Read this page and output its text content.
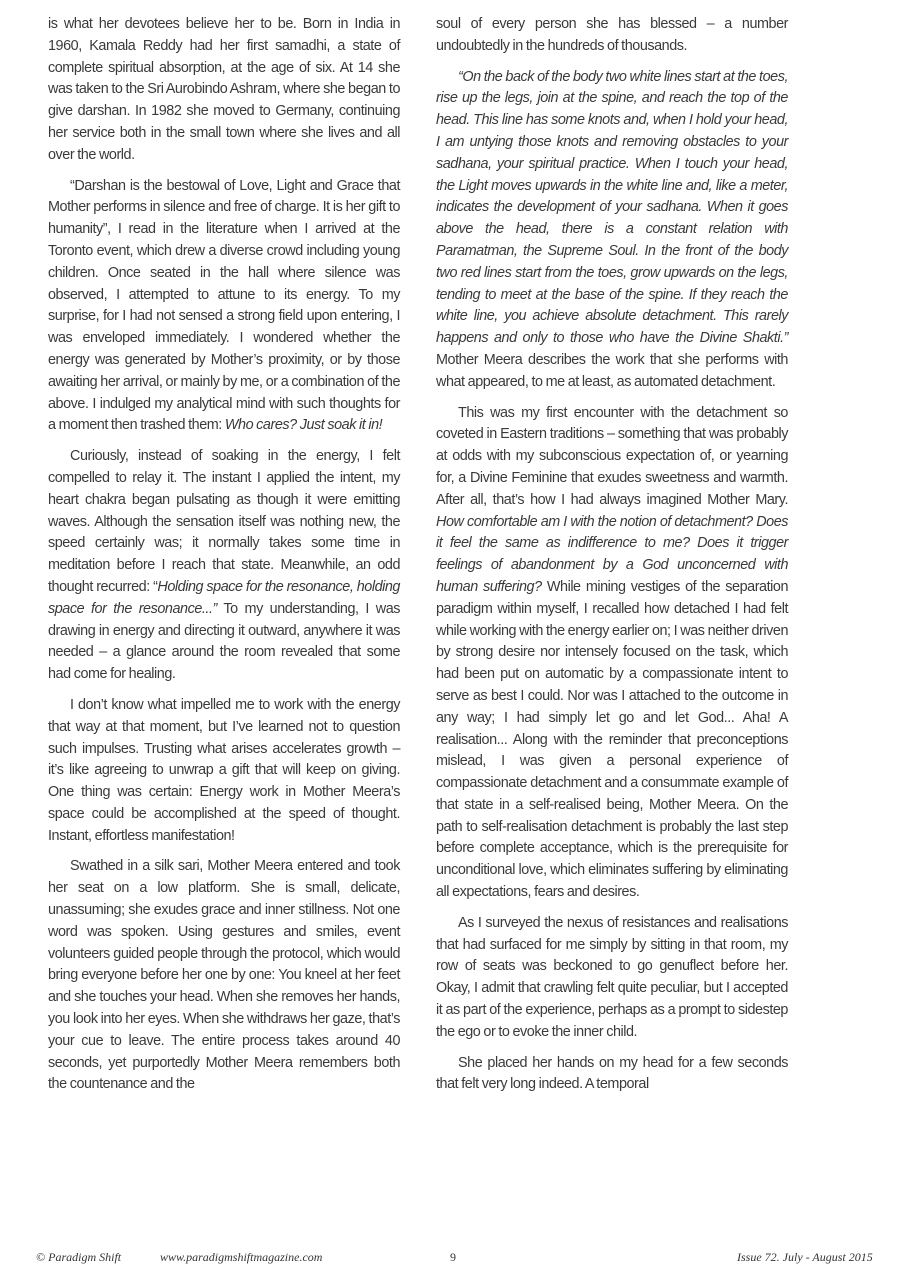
is what her devotees believe her to be. Born in India in 1960, Kamala Reddy had her first samadhi, a state of complete spiritual absorption, at the age of six. At 14 she was taken to the Sri Aurobindo Ashram, where she began to give darshan. In 1982 she moved to Germany, continuing her service both in the small town where she lives and all over the world.

“Darshan is the bestowal of Love, Light and Grace that Mother performs in silence and free of charge. It is her gift to humanity”, I read in the literature when I arrived at the Toronto event, which drew a diverse crowd including young children. Once seated in the hall where silence was observed, I attempted to attune to its energy. To my surprise, for I had not sensed a strong field upon entering, I was enveloped immediately. I wondered whether the energy was generated by Mother’s proximity, or by those awaiting her arrival, or mainly by me, or a combination of the above. I indulged my analytical mind with such thoughts for a moment then trashed them: Who cares? Just soak it in!

Curiously, instead of soaking in the energy, I felt compelled to relay it. The instant I applied the intent, my heart chakra began pulsating as though it were emitting waves. Although the sensation itself was nothing new, the speed certainly was; it normally takes some time in meditation before I reach that state. Meanwhile, an odd thought recurred: “Holding space for the resonance, holding space for the resonance...” To my understanding, I was drawing in energy and directing it outward, anywhere it was needed – a glance around the room revealed that some had come for healing.

I don’t know what impelled me to work with the energy that way at that moment, but I’ve learned not to question such impulses. Trusting what arises accelerates growth – it’s like agreeing to unwrap a gift that will keep on giving. One thing was certain: Energy work in Mother Meera’s space could be accomplished at the speed of thought. Instant, effortless manifestation!

Swathed in a silk sari, Mother Meera entered and took her seat on a low platform. She is small, delicate, unassuming; she exudes grace and inner stillness. Not one word was spoken. Using gestures and smiles, event volunteers guided people through the protocol, which would bring everyone before her one by one: You kneel at her feet and she touches your head. When she removes her hands, you look into her eyes. When she withdraws her gaze, that’s your cue to leave. The entire process takes around 40 seconds, yet purportedly Mother Meera remembers both the countenance and the

soul of every person she has blessed – a number undoubtedly in the hundreds of thousands.

“On the back of the body two white lines start at the toes, rise up the legs, join at the spine, and reach the top of the head. This line has some knots and, when I hold your head, I am untying those knots and removing obstacles to your sadhana, your spiritual practice. When I touch your head, the Light moves upwards in the white line and, like a meter, indicates the development of your sadhana. When it goes above the head, there is a constant relation with Paramatman, the Supreme Soul. In the front of the body two red lines start from the toes, grow upwards on the legs, tending to meet at the base of the spine. If they reach the white line, you achieve absolute detachment. This rarely happens and only to those who have the Divine Shakti.” Mother Meera describes the work that she performs with what appeared, to me at least, as automated detachment.

This was my first encounter with the detachment so coveted in Eastern traditions – something that was probably at odds with my subconscious expectation of, or yearning for, a Divine Feminine that exudes sweetness and warmth. After all, that’s how I had always imagined Mother Mary. How comfortable am I with the notion of detachment? Does it feel the same as indifference to me? Does it trigger feelings of abandonment by a God unconcerned with human suffering? While mining vestiges of the separation paradigm within myself, I recalled how detached I had felt while working with the energy earlier on; I was neither driven by strong desire nor intensely focused on the task, which had been put on automatic by a compassionate intent to serve as best I could. Nor was I attached to the outcome in any way; I had simply let go and let God... Aha! A realisation... Along with the reminder that preconceptions mislead, I was given a personal experience of compassionate detachment and a consummate example of that state in a self-realised being, Mother Meera. On the path to self-realisation detachment is probably the last step before complete acceptance, which is the prerequisite for unconditional love, which eliminates suffering by eliminating all expectations, fears and desires.

As I surveyed the nexus of resistances and realisations that had surfaced for me simply by sitting in that room, my row of seats was beckoned to go genuflect before her. Okay, I admit that crawling felt quite peculiar, but I accepted it as part of the experience, perhaps as a prompt to sidestep the ego or to evoke the inner child.

She placed her hands on my head for a few seconds that felt very long indeed. A temporal

© Paradigm Shift	www.paradigmshiftmagazine.com	9	Issue 72. July - August 2015
